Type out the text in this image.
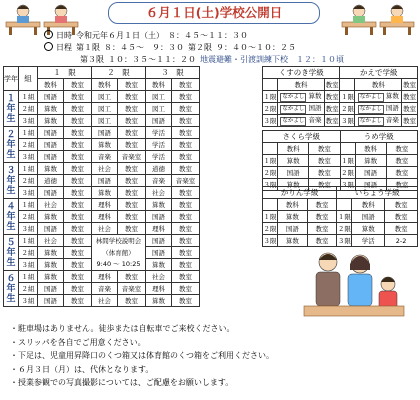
６月１日(土)学校公開日
日時 令和元年６月１日（土）　８：４５～１１：３０
日程 第１限 ８：４５～　９：３０ 第２限 ９：４０～１０：２５
第３限 １０：３５～１１：２０ 地震避難・引渡訓練下校　１２：１０頃
学年	組	１　限		２　限		３　限	
		教科	教室	教科	教室	教科	教室
１年生	１組	国語	教室	図工	教室	図工	教室
	２組	算数	教室	図工	教室	図工	教室
	３組	算数	教室	図工	教室	国語	教室
２年生	１組	国語	教室	国語	教室	学活	教室
	２組	国語	教室	算数	教室	学活	教室
	３組	国語	教室	音楽	音楽室	学活	教室
３年生	１組	算数	教室	社会	教室	道徳	教室
	２組	道徳	教室	国語	教室	音楽	音楽室
	３組	国語	教室	算数	教室	社会	教室
４年生	１組	社会	教室	理科	教室	算数	教室
	２組	算数	教室	理科	教室	国語	教室
	３組	国語	教室	社会	教室	理科	教室
５年生	１組	社会	教室	林間学校説明会		国語	教室
	２組	算数	教室	（体育館）		国語	教室
	３組	算数	教室	9:40 ～ 10:25		算数	教室
６年生	１組	算数	教室	理科	教室	社会	教室
	２組	国語	教室	音楽	音楽室	理科	教室
	３組	国語	教室	社会	教室	算数	教室
くすのき学級			かえで学級		
	教科	教室		教科	教室
１限	なかよし 算数	教室	１限	なかよし 算数	教室
２限	なかよし 国語	教室	２限	なかよし 国語	教室
３限	なかよし 音楽	教室	３限	なかよし 音楽	教室
さくら学級			うめ学級		
	教科	教室		教科	教室
１限	算数	教室	１限	算数	教室
２限	国語	教室	２限	国語	教室
３限	算数	教室	３限	国語	教室
かりん学級			いちょう学級		
	教科	教室		教科	教室
１限	算数	教室	１限	国語	教室
２限	国語	教室	２限	算数	教室
３限	算数	教室	３限	学活	2-2
・駐車場はありません。徒歩または自転車でご来校ください。
・スリッパを各自でご用意ください。
・下足は、児童用昇降口のくつ箱又は体育館のくつ箱をご利用ください。
・６月３日（月）は、代休となります。
・授業参観での写真撮影については、ご配慮をお願いします。
